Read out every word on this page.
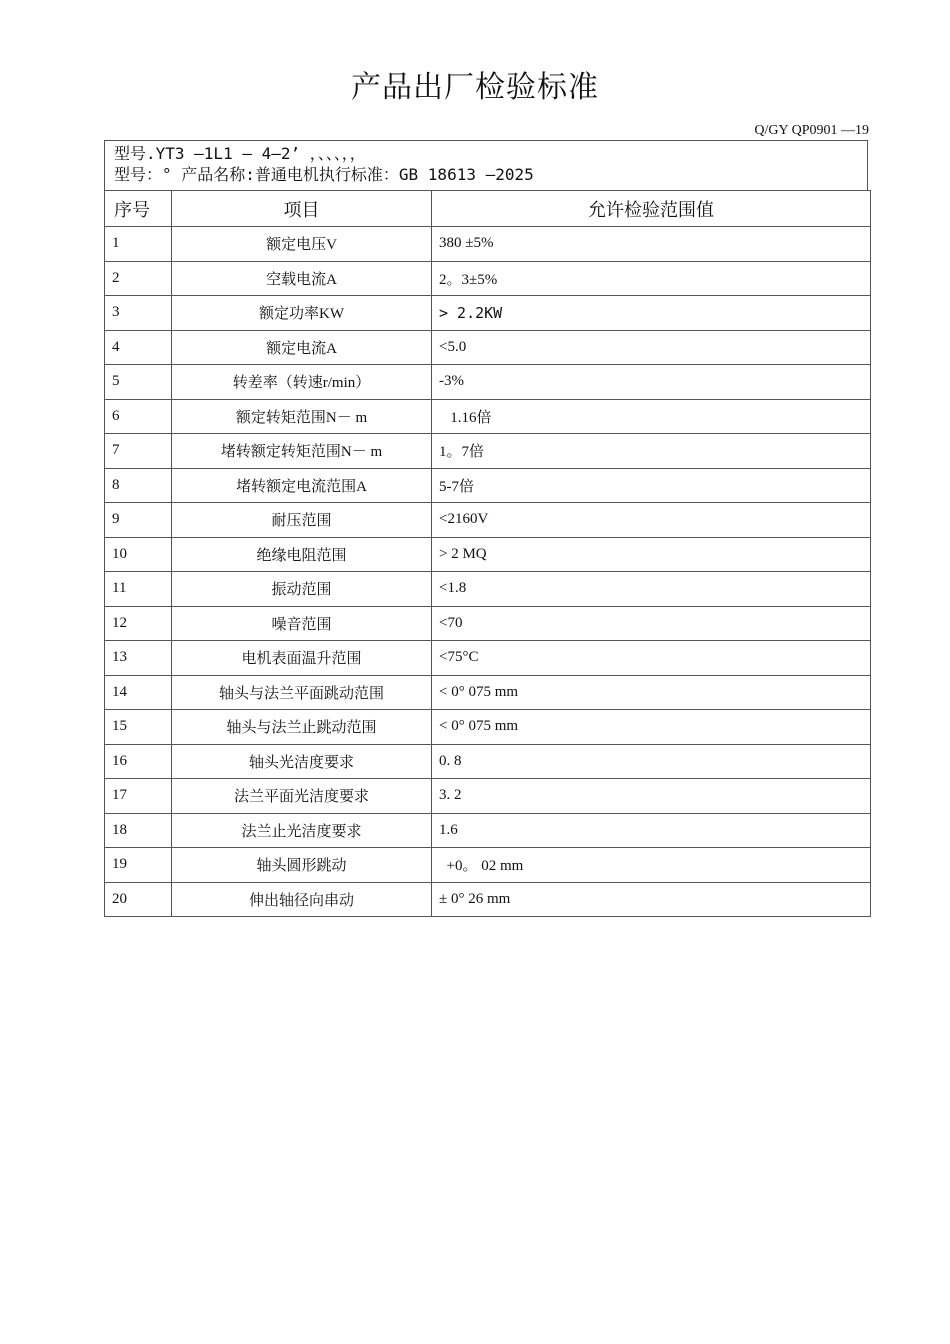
产品出厂检验标准
Q/GY QP0901 —19
型号.YT3 —1L1 — 4—2’ ，、、、，，
型号：° 产品名称:普通电机执行标准：GB 18613 —2025
序号	项目	允许检验范围值
1	额定电压V	380 ±5%
2	空载电流A	2。3±5%
3	额定功率KW	> 2.2KW
4	额定电流A	<5.0
5	转差率（转速r/min）	-3%
6	额定转矩范围N－ m	1.16倍
7	堵转额定转矩范围N－ m	1。7倍
8	堵转额定电流范围A	5-7倍
9	耐压范围	<2160V
10	绝缘电阻范围	> 2 MQ
11	振动范围	<1.8
12	噪音范围	<70
13	电机表面温升范围	<75°C
14	轴头与法兰平面跳动范围	< 0° 075 mm
15	轴头与法兰止跳动范围	< 0° 075 mm
16	轴头光洁度要求	0. 8
17	法兰平面光洁度要求	3. 2
18	法兰止光洁度要求	1.6
19	轴头圆形跳动	+0。 02 mm
20	伸出轴径向串动	± 0° 26 mm
